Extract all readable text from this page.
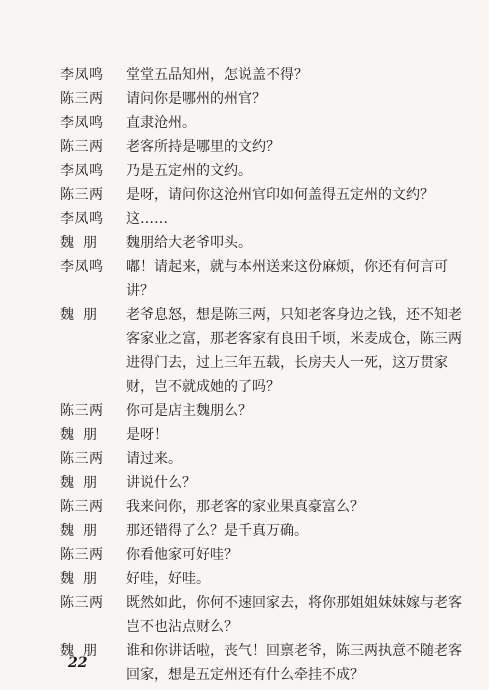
李凤鸣	堂堂五品知州，怎说盖不得？
陈三两	请问你是哪州的州官？
李凤鸣	直隶沧州。
陈三两	老客所持是哪里的文约？
李凤鸣	乃是五定州的文约。
陈三两	是呀，请问你这沧州官印如何盖得五定州的文约？
李凤鸣	这……
魏朋	魏朋给大老爷叩头。
李凤鸣	嘟！请起来，就与本州送来这份麻烦，你还有何言可讲？
魏朋	老爷息怒，想是陈三两，只知老客身边之钱，还不知老客家业之富，那老客家有良田千顷，米麦成仓，陈三两进得门去，过上三年五载，长房夫人一死，这万贯家财，岂不就成她的了吗？
陈三两	你可是店主魏朋么？
魏朋	是呀！
陈三两	请过来。
魏朋	讲说什么？
陈三两	我来问你，那老客的家业果真豪富么？
魏朋	那还错得了么？是千真万确。
陈三两	你看他家可好哇？
魏朋	好哇，好哇。
陈三两	既然如此，你何不速回家去，将你那姐姐妹妹嫁与老客岂不也沾点财么？
魏朋	谁和你讲话啦，丧气！回禀老爷，陈三两执意不随老客回家，想是五定州还有什么牵挂不成？
22
